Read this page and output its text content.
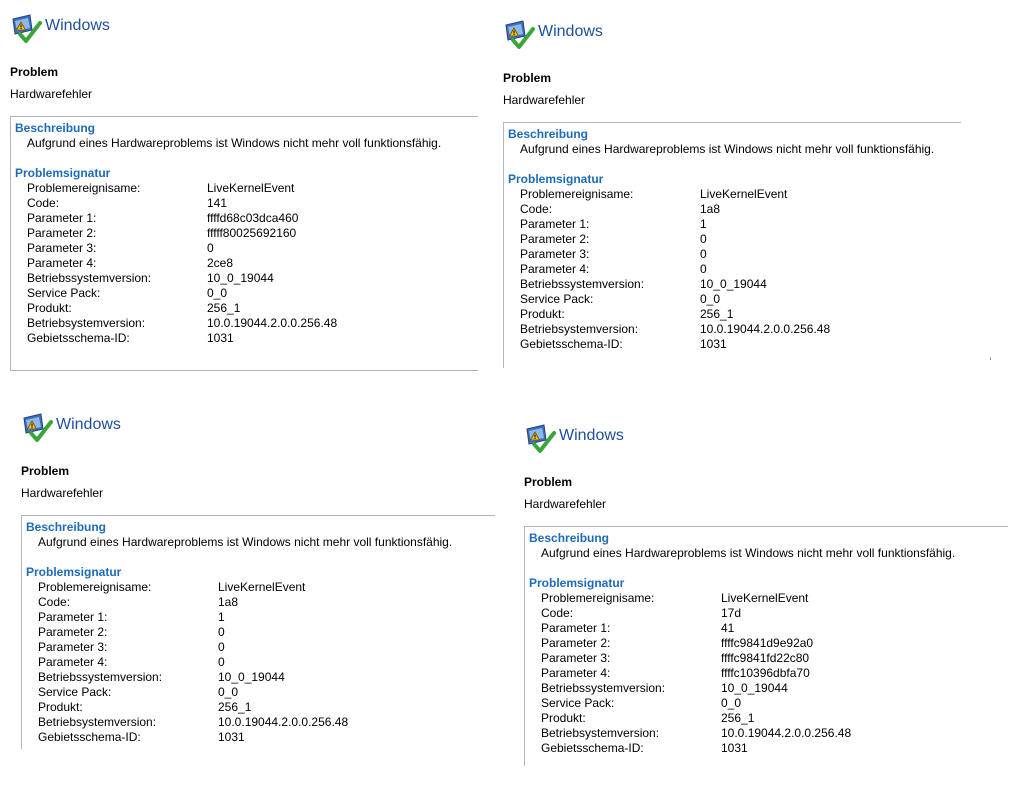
Windows
Problem
Hardwarefehler
Beschreibung
Aufgrund eines Hardwareproblems ist Windows nicht mehr voll funktionsfähig.
Problemsignatur
Problemereignisame:	LiveKernelEvent
Code:	141
Parameter 1:	ffffd68c03dca460
Parameter 2:	fffff80025692160
Parameter 3:	0
Parameter 4:	2ce8
Betriebssystemversion:	10_0_19044
Service Pack:	0_0
Produkt:	256_1
Betriebsystemversion:	10.0.19044.2.0.0.256.48
Gebietsschema-ID:	1031
Windows
Problem
Hardwarefehler
Beschreibung
Aufgrund eines Hardwareproblems ist Windows nicht mehr voll funktionsfähig.
Problemsignatur
Problemereignisame:	LiveKernelEvent
Code:	1a8
Parameter 1:	1
Parameter 2:	0
Parameter 3:	0
Parameter 4:	0
Betriebssystemversion:	10_0_19044
Service Pack:	0_0
Produkt:	256_1
Betriebsystemversion:	10.0.19044.2.0.0.256.48
Gebietsschema-ID:	1031
Windows
Problem
Hardwarefehler
Beschreibung
Aufgrund eines Hardwareproblems ist Windows nicht mehr voll funktionsfähig.
Problemsignatur
Problemereignisame:	LiveKernelEvent
Code:	1a8
Parameter 1:	1
Parameter 2:	0
Parameter 3:	0
Parameter 4:	0
Betriebssystemversion:	10_0_19044
Service Pack:	0_0
Produkt:	256_1
Betriebsystemversion:	10.0.19044.2.0.0.256.48
Gebietsschema-ID:	1031
Windows
Problem
Hardwarefehler
Beschreibung
Aufgrund eines Hardwareproblems ist Windows nicht mehr voll funktionsfähig.
Problemsignatur
Problemereignisame:	LiveKernelEvent
Code:	17d
Parameter 1:	41
Parameter 2:	ffffc9841d9e92a0
Parameter 3:	ffffc9841fd22c80
Parameter 4:	ffffc10396dbfa70
Betriebssystemversion:	10_0_19044
Service Pack:	0_0
Produkt:	256_1
Betriebsystemversion:	10.0.19044.2.0.0.256.48
Gebietsschema-ID:	1031
